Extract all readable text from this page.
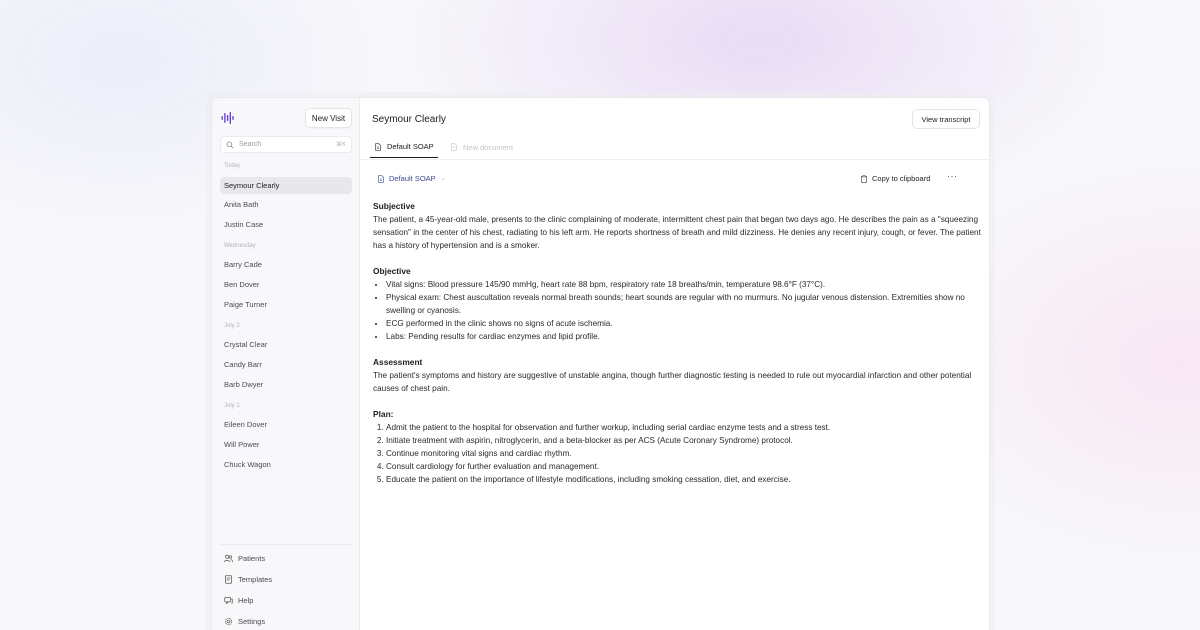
New Visit
Search	⌘K
Today
Seymour Clearly
Anita Bath
Justin Case
Wednesday
Barry Cade
Ben Dover
Paige Turner
July 2
Crystal Clear
Candy Barr
Barb Dwyer
July 1
Eileen Dover
Will Power
Chuck Wagon
Patients
Templates
Help
Settings
Seymour Clearly	View transcript
Default SOAP	New document
Default SOAP ⌄	Copy to clipboard ···
Subjective

The patient, a 45-year-old male, presents to the clinic complaining of moderate, intermittent chest pain that began two days ago. He describes the pain as a "squeezing sensation" in the center of his chest, radiating to his left arm. He reports shortness of breath and mild dizziness. He denies any recent injury, cough, or fever. The patient has a history of hypertension and is a smoker.

Objective
• Vital signs: Blood pressure 145/90 mmHg, heart rate 88 bpm, respiratory rate 18 breaths/min, temperature 98.6°F (37°C).
• Physical exam: Chest auscultation reveals normal breath sounds; heart sounds are regular with no murmurs. No jugular venous distension. Extremities show no swelling or cyanosis.
• ECG performed in the clinic shows no signs of acute ischemia.
• Labs: Pending results for cardiac enzymes and lipid profile.
Assessment

The patient's symptoms and history are suggestive of unstable angina, though further diagnostic testing is needed to rule out myocardial infarction and other potential causes of chest pain.

Plan:
1. Admit the patient to the hospital for observation and further workup, including serial cardiac enzyme tests and a stress test.
2. Initiate treatment with aspirin, nitroglycerin, and a beta-blocker as per ACS (Acute Coronary Syndrome) protocol.
3. Continue monitoring vital signs and cardiac rhythm.
4. Consult cardiology for further evaluation and management.
5. Educate the patient on the importance of lifestyle modifications, including smoking cessation, diet, and exercise.
